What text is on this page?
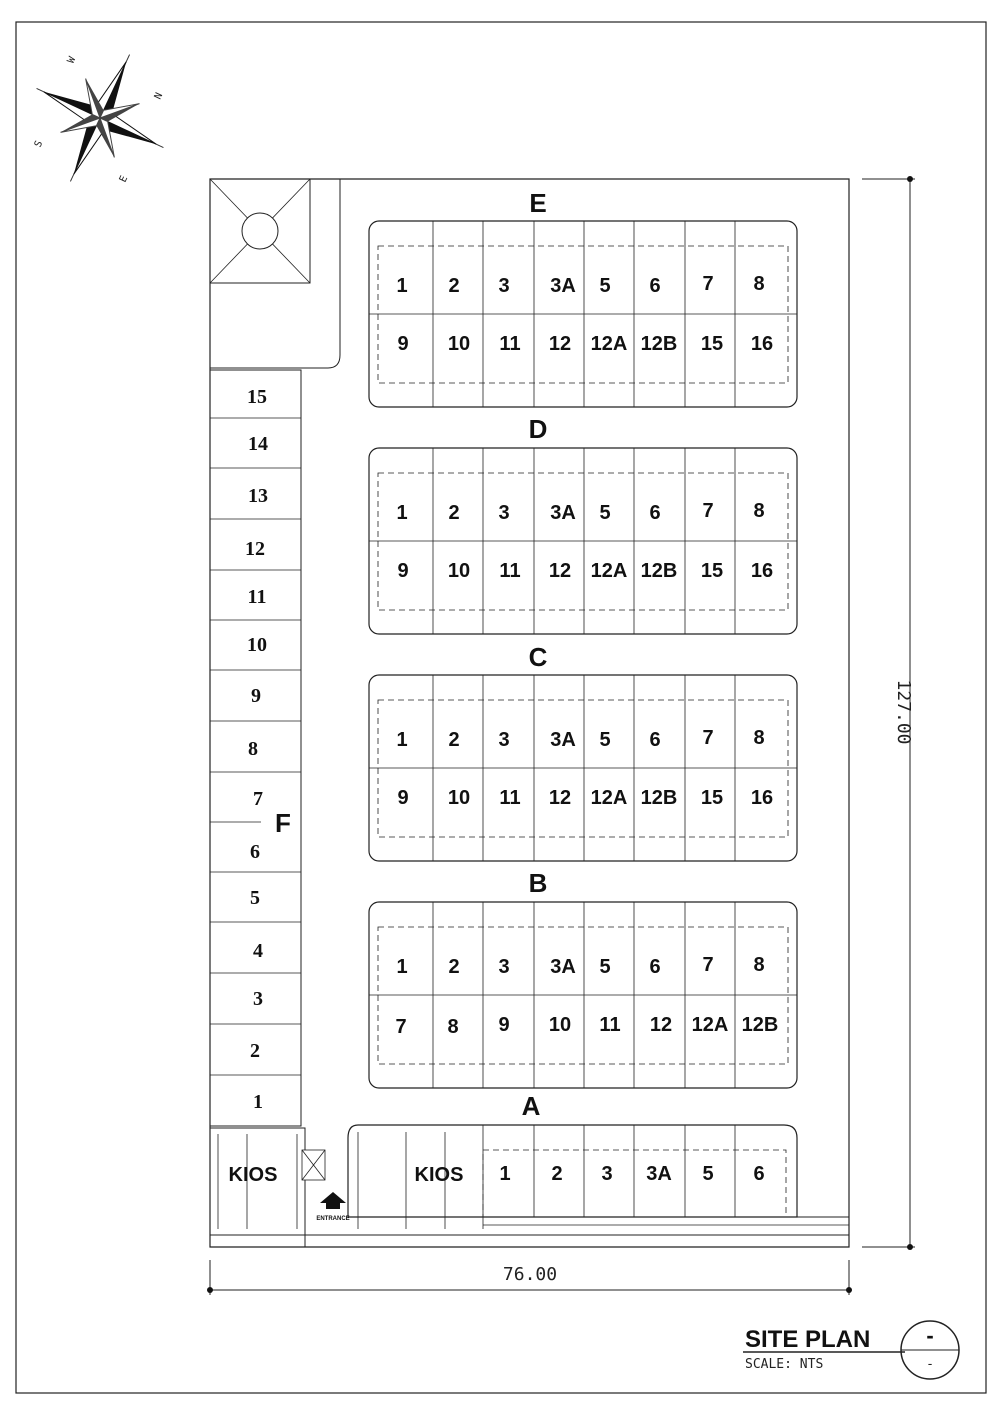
N
W
S
E
E
1 2 3 3A 5 6 7 8
9 10 11 12 12A 12B 15 16
D
1 2 3 3A 5 6 7 8
9 10 11 12 12A 12B 15 16
C
1 2 3 3A 5 6 7 8
9 10 11 12 12A 12B 15 16
B
1 2 3 3A 5 6 7 8
7 8 9 10 11 12 12A 12B
A
KIOS 1 2 3 3A 5 6
15
14
13
12
11
10
9
8
7
6
5
4
3
2
1
F
KIOS
ENTRANCE
76.00
127.00
SITE PLAN
SCALE: NTS
-
-
